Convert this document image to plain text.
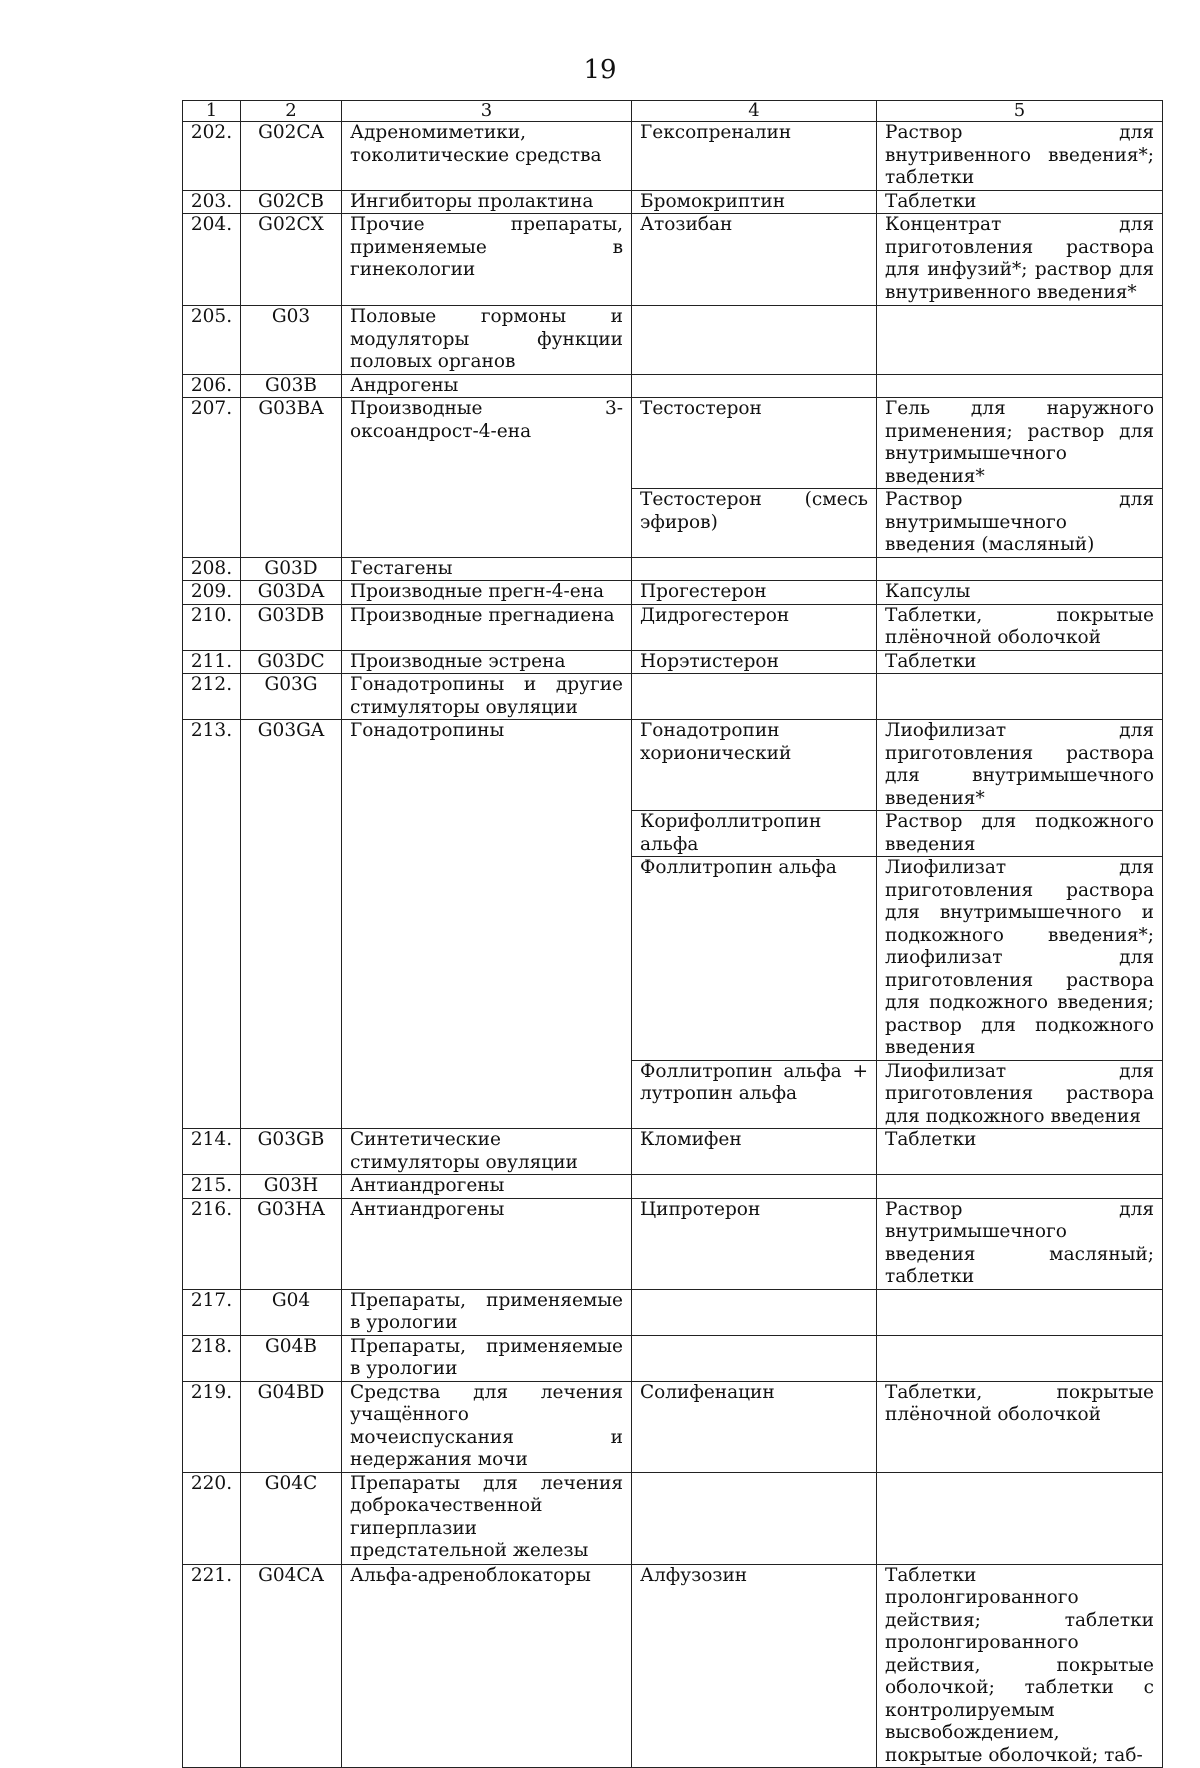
19
1	2	3	4	5
202.	G02CA	Адреномиметики, токолитические средства	Гексопреналин	Раствор для внутривенного введения*; таблетки
203.	G02CB	Ингибиторы пролактина	Бромокриптин	Таблетки
204.	G02CX	Прочие препараты, применяемые в гинекологии	Атозибан	Концентрат для приготовления раствора для инфузий*; раствор для внутривенного введения*
205.	G03	Половые гормоны и модуляторы функции половых органов		
206.	G03B	Андрогены		
207.	G03BA	Производные 3-оксоандрост-4-ена	Тестостерон	Гель для наружного применения; раствор для внутримышечного введения*
			Тестостерон (смесь эфиров)	Раствор для внутримышечного введения (масляный)
208.	G03D	Гестагены		
209.	G03DA	Производные прегн-4-ена	Прогестерон	Капсулы
210.	G03DB	Производные прегнадиена	Дидрогестерон	Таблетки, покрытые плёночной оболочкой
211.	G03DC	Производные эстрена	Норэтистерон	Таблетки
212.	G03G	Гонадотропины и другие стимуляторы овуляции		
213.	G03GA	Гонадотропины	Гонадотропин хорионический	Лиофилизат для приготовления раствора для внутримышечного введения*
			Корифоллитропин альфа	Раствор для подкожного введения
			Фоллитропин альфа	Лиофилизат для приготовления раствора для внутримышечного и подкожного введения*; лиофилизат для приготовления раствора для подкожного введения; раствор для подкожного введения
			Фоллитропин альфа + лутропин альфа	Лиофилизат для приготовления раствора для подкожного введения
214.	G03GB	Синтетические стимуляторы овуляции	Кломифен	Таблетки
215.	G03H	Антиандрогены		
216.	G03HA	Антиандрогены	Ципротерон	Раствор для внутримышечного введения масляный; таблетки
217.	G04	Препараты, применяемые в урологии		
218.	G04B	Препараты, применяемые в урологии		
219.	G04BD	Средства для лечения учащённого мочеиспускания и недержания мочи	Солифенацин	Таблетки, покрытые плёночной оболочкой
220.	G04C	Препараты для лечения доброкачественной гиперплазии предстательной железы		
221.	G04CA	Альфа-адреноблокаторы	Алфузозин	Таблетки пролонгированного действия; таблетки пролонгированного действия, покрытые оболочкой; таблетки с контролируемым высвобождением, покрытые оболочкой; таб-
